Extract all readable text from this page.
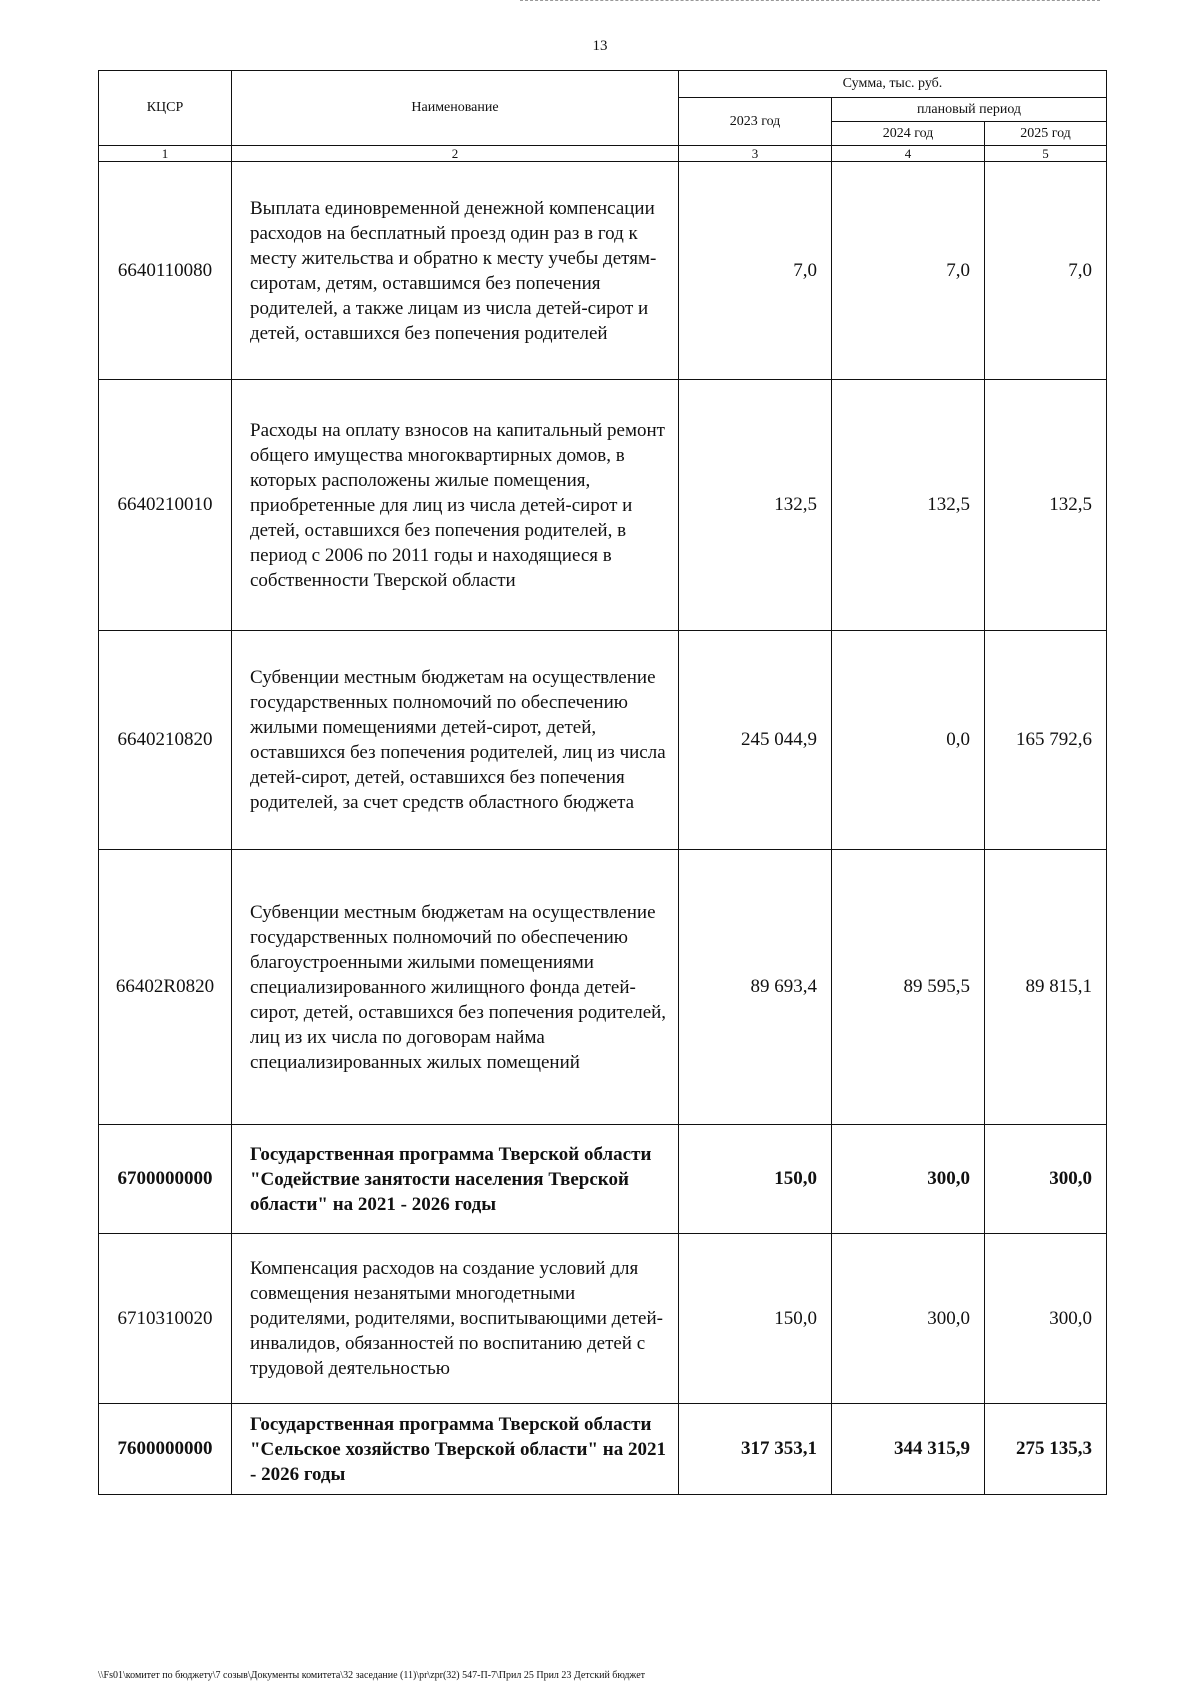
13
КЦСР	Наименование	Сумма, тыс. руб.		
		2023 год	плановый период	
			2024 год	2025 год
1	2	3	4	5
6640110080	Выплата единовременной денежной компенсации расходов на бесплатный проезд один раз в год к месту жительства и обратно к месту учебы детям-сиротам, детям, оставшимся без попечения родителей, а также лицам из числа детей-сирот и детей, оставшихся без попечения родителей	7,0	7,0	7,0
6640210010	Расходы на оплату взносов на капитальный ремонт общего имущества многоквартирных домов, в которых расположены жилые помещения, приобретенные для лиц из числа детей-сирот и детей, оставшихся без попечения родителей, в период с 2006 по 2011 годы и находящиеся в собственности Тверской области	132,5	132,5	132,5
6640210820	Субвенции местным бюджетам на осуществление государственных полномочий по обеспечению жилыми помещениями детей-сирот, детей, оставшихся без попечения родителей, лиц из числа детей-сирот, детей, оставшихся без попечения родителей, за счет средств областного бюджета	245 044,9	0,0	165 792,6
66402R0820	Субвенции местным бюджетам на осуществление государственных полномочий по обеспечению благоустроенными жилыми помещениями специализированного жилищного фонда детей-сирот, детей, оставшихся без попечения родителей, лиц из их числа по договорам найма специализированных жилых помещений	89 693,4	89 595,5	89 815,1
6700000000	Государственная программа Тверской области "Содействие занятости населения Тверской области" на 2021 - 2026 годы	150,0	300,0	300,0
6710310020	Компенсация расходов на создание условий для совмещения незанятыми многодетными родителями, родителями, воспитывающими детей-инвалидов, обязанностей по воспитанию детей с трудовой деятельностью	150,0	300,0	300,0
7600000000	Государственная программа Тверской области "Сельское хозяйство Тверской области" на 2021 - 2026 годы	317 353,1	344 315,9	275 135,3
\\Fs01\комитет по бюджету\7 созыв\Документы комитета\32 заседание (11)\pr\zpr(32) 547-П-7\Прил 25 Прил 23 Детский бюджет
